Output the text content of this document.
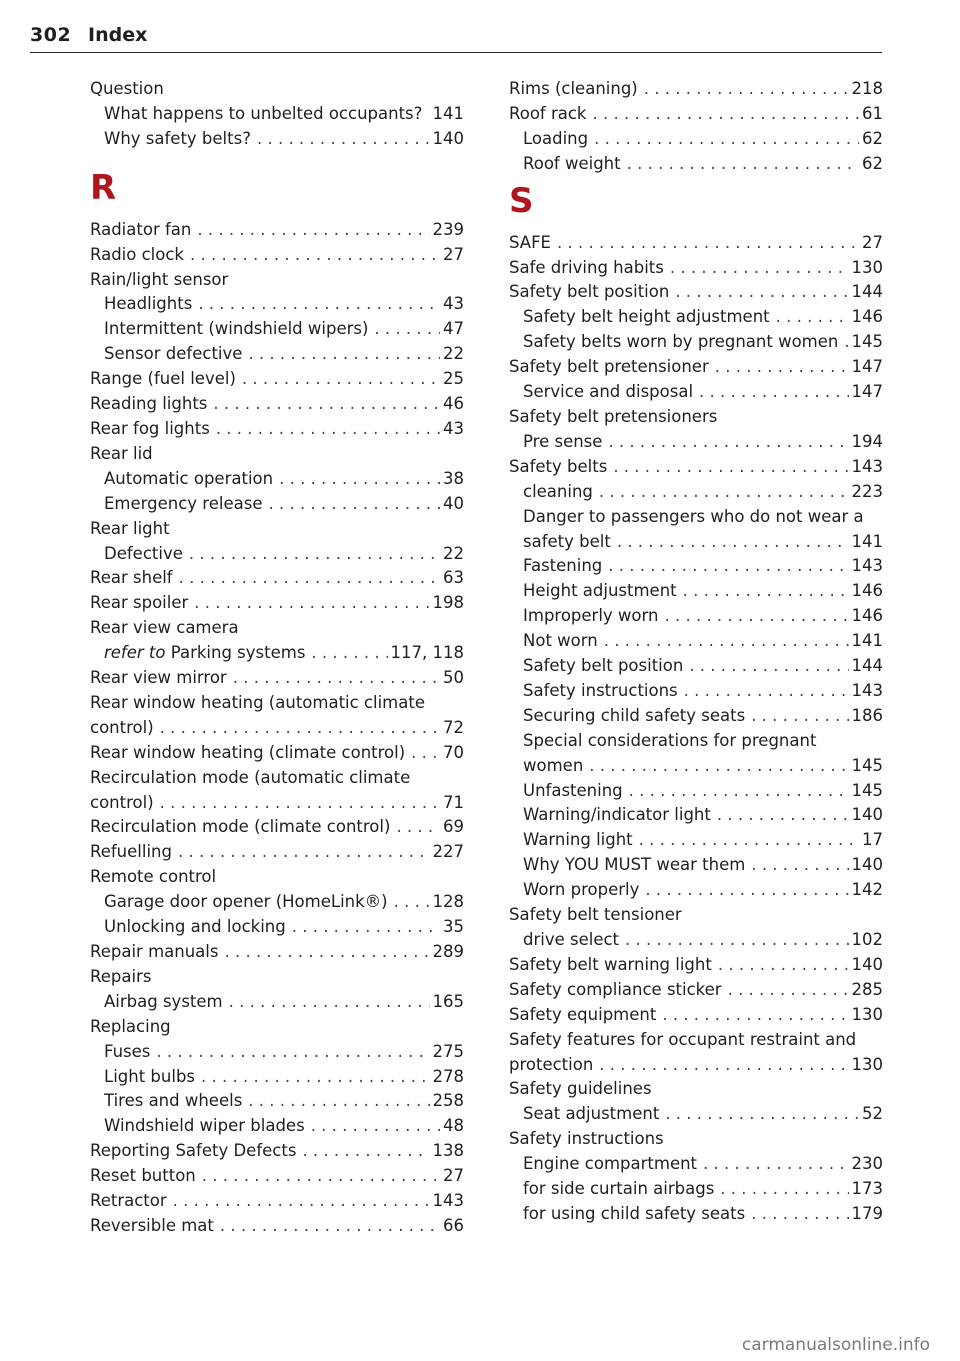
302 Index
Question
What happens to unbelted occupants? 141
Why safety belts? . . .	140
R
Radiator fan . . .	239
Radio clock . . .	27
Rain/light sensor
Headlights . . .	43
Intermittent (windshield wipers) . . .	47
Sensor defective . . .	22
Range (fuel level) . . .	25
Reading lights . . .	46
Rear fog lights . . .	43
Rear lid
Automatic operation . . .	38
Emergency release . . .	40
Rear light
Defective . . .	22
Rear shelf . . .	63
Rear spoiler . . .	198
Rear view camera
refer to Parking systems . . .	117, 118
Rear view mirror . . .	50
Rear window heating (automatic climate
control) . . .	72
Rear window heating (climate control) . . . 70
Recirculation mode (automatic climate
control) . . .	71
Recirculation mode (climate control) . . .	69
Refuelling . . .	227
Remote control
Garage door opener (HomeLink®) . . .	128
Unlocking and locking . . .	35
Repair manuals . . .	289
Repairs
Airbag system . . .	165
Replacing
Fuses . . .	275
Light bulbs . . .	278
Tires and wheels . . .	258
Windshield wiper blades . . .	48
Reporting Safety Defects . . .	138
Reset button . . .	27
Retractor . . .	143
Reversible mat . . .	66
Rims (cleaning) . . .	218
Roof rack . . .	61
Loading . . .	62
Roof weight . . .	62
S
SAFE . . .	27
Safe driving habits . . .	130
Safety belt position . . .	144
Safety belt height adjustment . . .	146
Safety belts worn by pregnant women . . . 145
Safety belt pretensioner . . .	147
Service and disposal . . .	147
Safety belt pretensioners
Pre sense . . .	194
Safety belts . . .	143
cleaning . . .	223
Danger to passengers who do not wear a
safety belt . . .	141
Fastening . . .	143
Height adjustment . . .	146
Improperly worn . . .	146
Not worn . . .	141
Safety belt position . . .	144
Safety instructions . . .	143
Securing child safety seats . . .	186
Special considerations for pregnant
women . . .	145
Unfastening . . .	145
Warning/indicator light . . .	140
Warning light . . .	17
Why YOU MUST wear them . . .	140
Worn properly . . .	142
Safety belt tensioner
drive select . . .	102
Safety belt warning light . . .	140
Safety compliance sticker . . .	285
Safety equipment . . .	130
Safety features for occupant restraint and
protection . . .	130
Safety guidelines
Seat adjustment . . .	52
Safety instructions
Engine compartment . . .	230
for side curtain airbags . . .	173
for using child safety seats . . .	179
carmanualsonline.info
